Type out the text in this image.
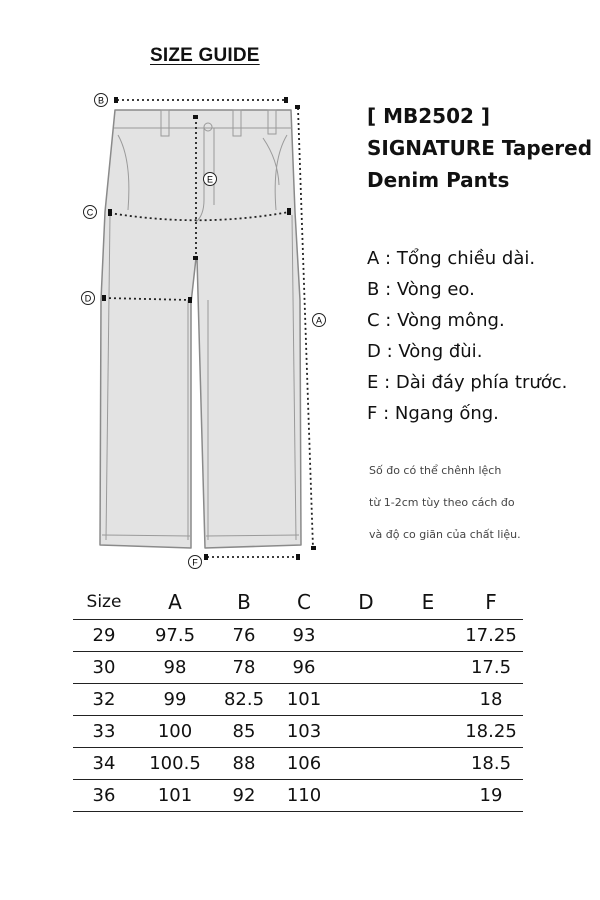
SIZE GUIDE
B
C
D
E
A
F
[ MB2502 ]
SIGNATURE Tapered
Denim Pants
A : Tổng chiều dài.
B : Vòng eo.
C : Vòng mông.
D : Vòng đùi.
E : Dài đáy phía trước.
F : Ngang ống.
Số đo có thể chênh lệch
từ 1-2cm tùy theo cách đo
và độ co giãn của chất liệu.
Size	A	B	C	D	E	F
29	97.5	76	93			17.25
30	98	78	96			17.5
32	99	82.5	101			18
33	100	85	103			18.25
34	100.5	88	106			18.5
36	101	92	110			19
